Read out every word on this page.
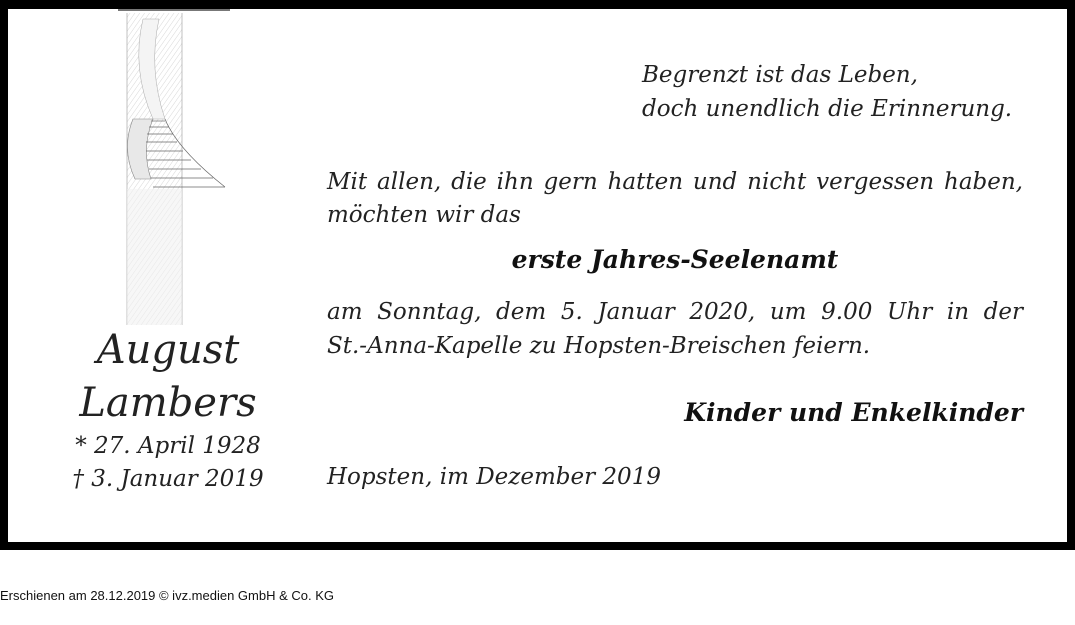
August
Lambers
* 27. April 1928
† 3. Januar 2019
Begrenzt ist das Leben,
doch unendlich die Erinnerung.
Mit allen, die ihn gern hatten und nicht vergessen haben,
möchten wir das
erste Jahres-Seelenamt
am Sonntag, dem 5. Januar 2020, um 9.00 Uhr in der
St.-Anna-Kapelle zu Hopsten-Breischen feiern.
Kinder und Enkelkinder
Hopsten, im Dezember 2019
Erschienen am 28.12.2019 © ivz.medien GmbH & Co. KG
